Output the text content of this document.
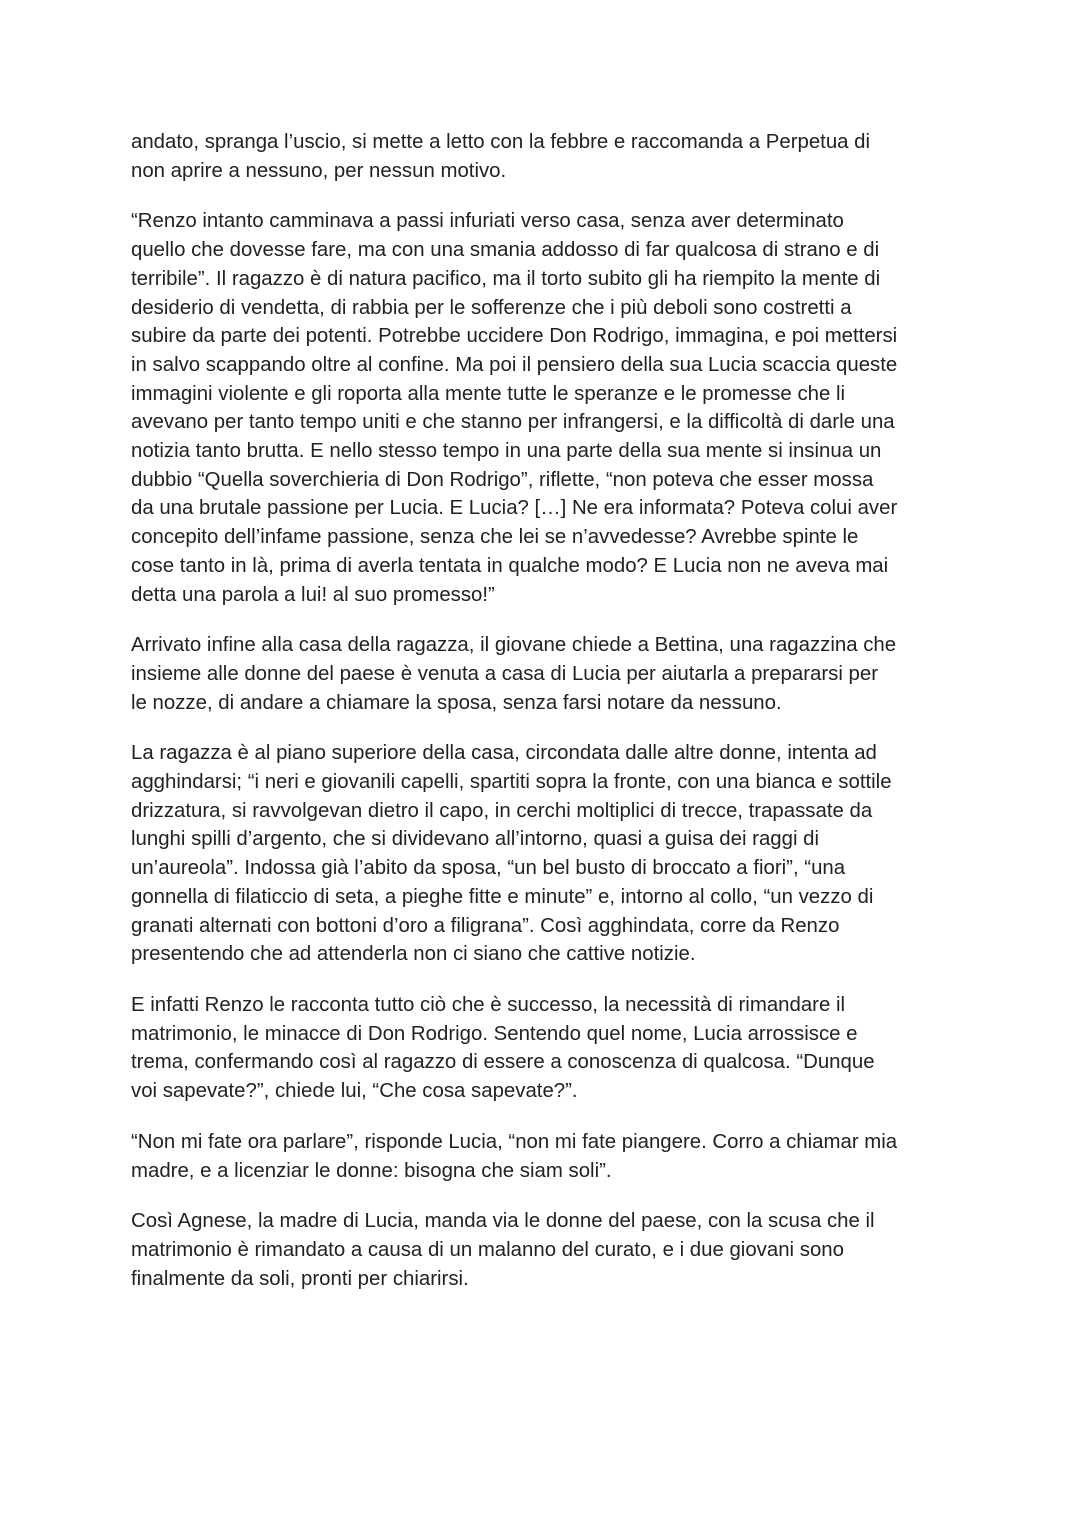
andato, spranga l’uscio, si mette a letto con la febbre e raccomanda a Perpetua di
non aprire a nessuno, per nessun motivo.

“Renzo intanto camminava a passi infuriati verso casa, senza aver determinato
quello che dovesse fare, ma con una smania addosso di far qualcosa di strano e di
terribile”. Il ragazzo è di natura pacifico, ma il torto subito gli ha riempito la mente di
desiderio di vendetta, di rabbia per le sofferenze che i più deboli sono costretti a
subire da parte dei potenti. Potrebbe uccidere Don Rodrigo, immagina, e poi mettersi
in salvo scappando oltre al confine. Ma poi il pensiero della sua Lucia scaccia queste
immagini violente e gli roporta alla mente tutte le speranze e le promesse che li
avevano per tanto tempo uniti e che stanno per infrangersi, e la difficoltà di darle una
notizia tanto brutta. E nello stesso tempo in una parte della sua mente si insinua un
dubbio “Quella soverchieria di Don Rodrigo”, riflette, “non poteva che esser mossa
da una brutale passione per Lucia. E Lucia? […] Ne era informata? Poteva colui aver
concepito dell’infame passione, senza che lei se n’avvedesse? Avrebbe spinte le
cose tanto in là, prima di averla tentata in qualche modo? E Lucia non ne aveva mai
detta una parola a lui! al suo promesso!”

Arrivato infine alla casa della ragazza, il giovane chiede a Bettina, una ragazzina che
insieme alle donne del paese è venuta a casa di Lucia per aiutarla a prepararsi per
le nozze, di andare a chiamare la sposa, senza farsi notare da nessuno.

La ragazza è al piano superiore della casa, circondata dalle altre donne, intenta ad
agghindarsi; “i neri e giovanili capelli, spartiti sopra la fronte, con una bianca e sottile
drizzatura, si ravvolgevan dietro il capo, in cerchi moltiplici di trecce, trapassate da
lunghi spilli d’argento, che si dividevano all’intorno, quasi a guisa dei raggi di
un’aureola”. Indossa già l’abito da sposa, “un bel busto di broccato a fiori”, “una
gonnella di filaticcio di seta, a pieghe fitte e minute” e, intorno al collo, “un vezzo di
granati alternati con bottoni d’oro a filigrana”. Così agghindata, corre da Renzo
presentendo che ad attenderla non ci siano che cattive notizie.

E infatti Renzo le racconta tutto ciò che è successo, la necessità di rimandare il
matrimonio, le minacce di Don Rodrigo. Sentendo quel nome, Lucia arrossisce e
trema, confermando così al ragazzo di essere a conoscenza di qualcosa. “Dunque
voi sapevate?”, chiede lui, “Che cosa sapevate?”.

“Non mi fate ora parlare”, risponde Lucia, “non mi fate piangere. Corro a chiamar mia
madre, e a licenziar le donne: bisogna che siam soli”.

Così Agnese, la madre di Lucia, manda via le donne del paese, con la scusa che il
matrimonio è rimandato a causa di un malanno del curato, e i due giovani sono
finalmente da soli, pronti per chiarirsi.
